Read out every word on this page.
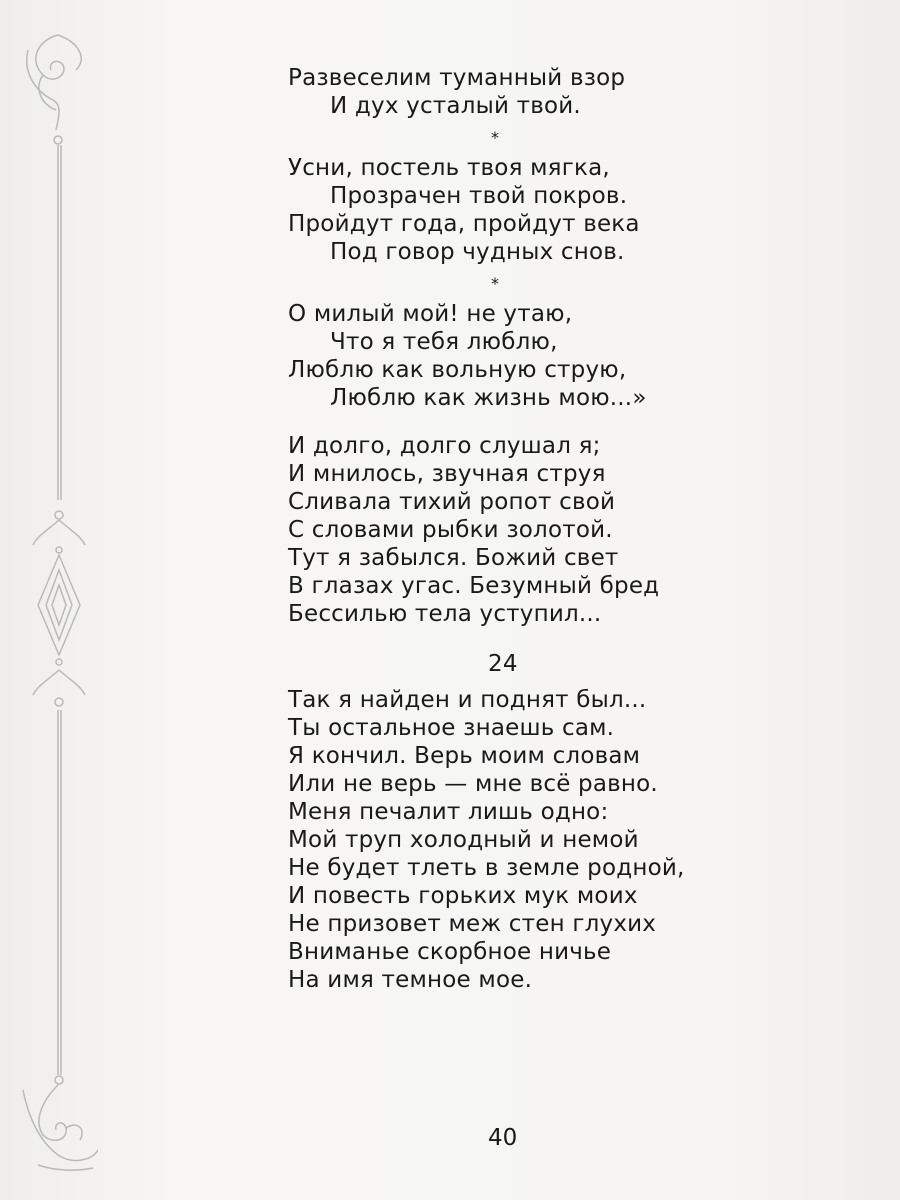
Развеселим туманный взор
И дух усталый твой.
*
Усни, постель твоя мягка,
Прозрачен твой покров.
Пройдут года, пройдут века
Под говор чудных снов.
*
О милый мой! не утаю,
Что я тебя люблю,
Люблю как вольную струю,
Люблю как жизнь мою...»
И долго, долго слушал я;
И мнилось, звучная струя
Сливала тихий ропот свой
С словами рыбки золотой.
Тут я забылся. Божий свет
В глазах угас. Безумный бред
Бессилью тела уступил...
24
Так я найден и поднят был...
Ты остальное знаешь сам.
Я кончил. Верь моим словам
Или не верь — мне всё равно.
Меня печалит лишь одно:
Мой труп холодный и немой
Не будет тлеть в земле родной,
И повесть горьких мук моих
Не призовет меж стен глухих
Вниманье скорбное ничье
На имя темное мое.
40
